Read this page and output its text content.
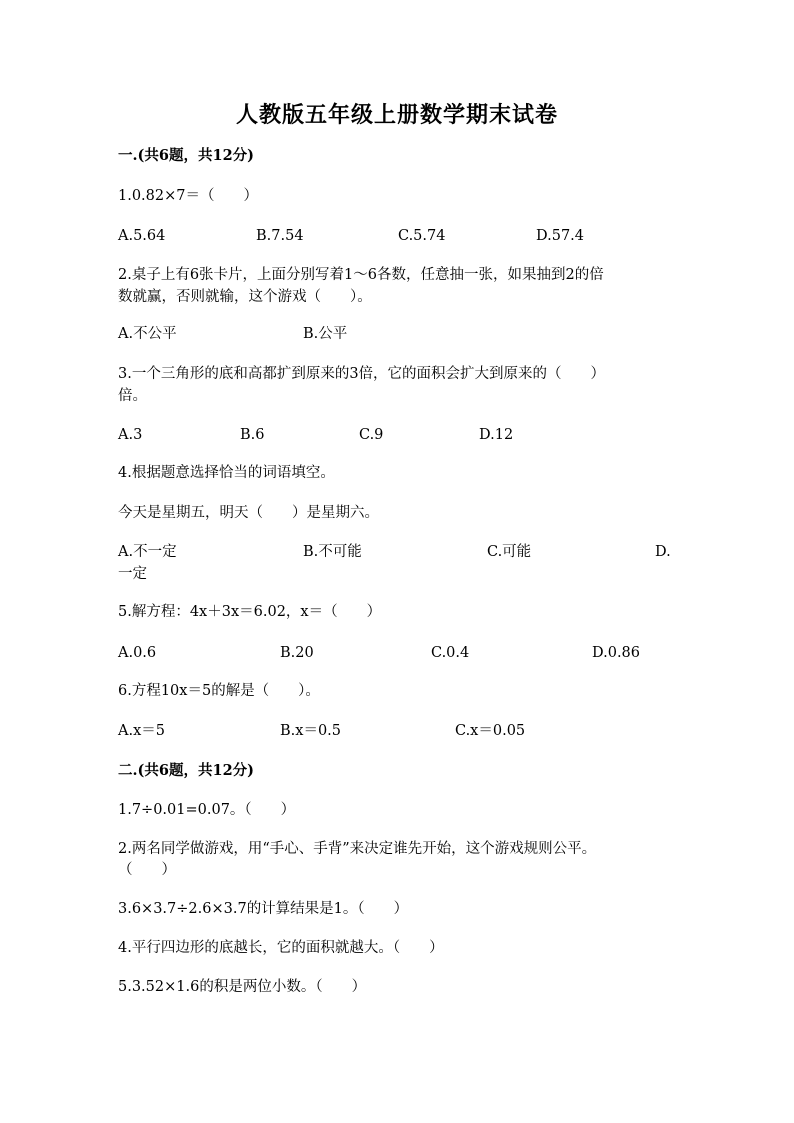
人教版五年级上册数学期末试卷
一.(共6题，共12分)
1.0.82×7＝（　　）
A.5.64	B.7.54	C.5.74	D.57.4
2.桌子上有6张卡片，上面分别写着1～6各数，任意抽一张，如果抽到2的倍
数就赢，否则就输，这个游戏（　　）。
A.不公平	B.公平
3.一个三角形的底和高都扩到原来的3倍，它的面积会扩大到原来的（　　）
倍。
A.3	B.6	C.9	D.12
4.根据题意选择恰当的词语填空。
今天是星期五，明天（　　）是星期六。
A.不一定	B.不可能	C.可能	D.
一定
5.解方程：4x＋3x＝6.02，x＝（　　）
A.0.6	B.20	C.0.4	D.0.86
6.方程10x＝5的解是（　　）。
A.x＝5	B.x＝0.5	C.x＝0.05
二.(共6题，共12分)
1.7÷0.01=0.07。（　　）
2.两名同学做游戏，用“手心、手背”来决定谁先开始，这个游戏规则公平。
（　　）
3.6×3.7÷2.6×3.7的计算结果是1。（　　）
4.平行四边形的底越长，它的面积就越大。（　　）
5.3.52×1.6的积是两位小数。（　　）
